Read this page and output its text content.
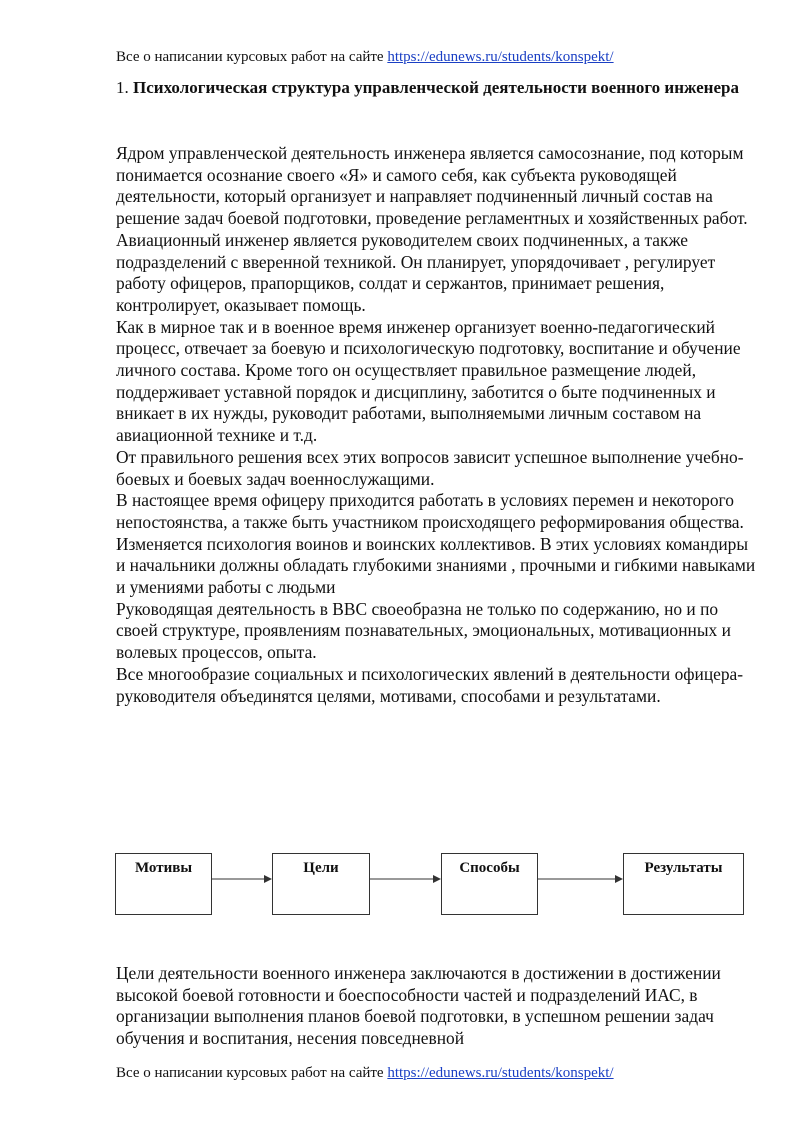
Все о написании курсовых работ на сайте https://edunews.ru/students/konspekt/
1. Психологическая структура управленческой деятельности военного инженера

Ядром управленческой деятельность инженера является самосознание, под которым понимается осознание своего «Я» и самого себя, как субъекта руководящей деятельности, который организует и направляет подчиненный личный состав на решение задач боевой подготовки, проведение регламентных и хозяйственных работ.

Авиационный инженер является руководителем своих подчиненных, а также подразделений с вверенной техникой. Он планирует, упорядочивает , регулирует работу офицеров, прапорщиков, солдат и сержантов, принимает решения, контролирует, оказывает помощь.

Как в мирное так и в военное время инженер организует военно-педагогический процесс, отвечает за боевую и психологическую подготовку, воспитание и обучение личного состава. Кроме того он осуществляет правильное размещение людей, поддерживает уставной порядок и дисциплину, заботится о быте подчиненных и вникает в их нужды, руководит работами, выполняемыми личным составом на авиационной технике и т.д.

От правильного решения всех этих вопросов зависит успешное выполнение учебно-боевых и боевых задач военнослужащими.

В настоящее время офицеру приходится работать в условиях перемен и некоторого непостоянства, а также быть участником происходящего реформирования общества.

Изменяется психология воинов и воинских коллективов. В этих условиях командиры и начальники должны обладать глубокими знаниями , прочными и гибкими навыками и умениями работы с людьми

Руководящая деятельность в ВВС своеобразна не только по содержанию, но и по своей структуре, проявлениям познавательных, эмоциональных, мотивационных и волевых процессов, опыта.

Все многообразие социальных и психологических явлений в деятельности офицера-руководителя объединятся целями, мотивами, способами и результатами.

Мотивы	Цели	Способы	Результаты

Цели деятельности военного инженера заключаются в достижении в достижении высокой боевой готовности и боеспособности частей и подразделений ИАС, в организации выполнения планов боевой подготовки, в успешном решении задач обучения и воспитания, несения повседневной

Все о написании курсовых работ на сайте https://edunews.ru/students/konspekt/
